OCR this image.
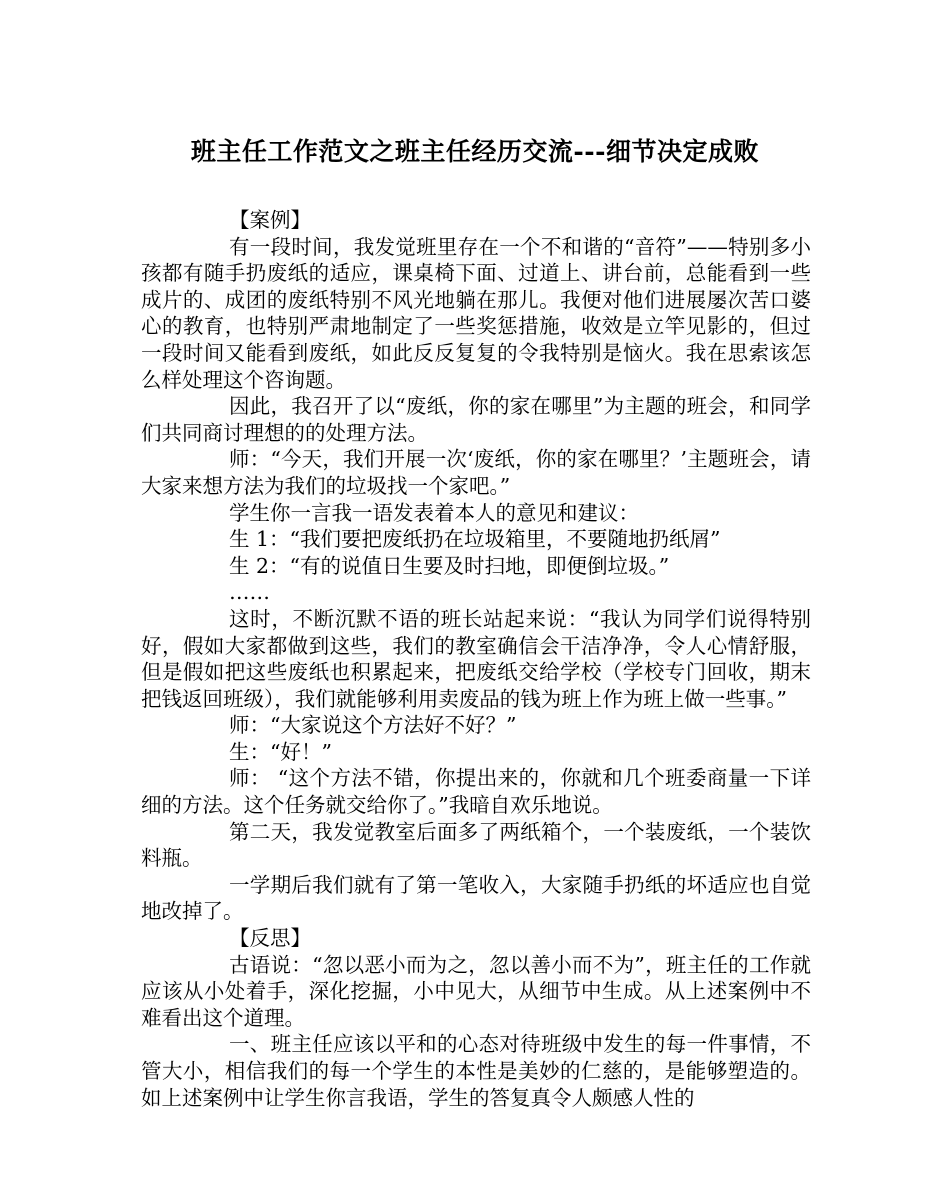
班主任工作范文之班主任经历交流---细节决定成败

【案例】

有一段时间，我发觉班里存在一个不和谐的“音符”——特别多小孩都有随手扔废纸的适应，课桌椅下面、过道上、讲台前，总能看到一些成片的、成团的废纸特别不风光地躺在那儿。我便对他们进展屡次苦口婆心的教育，也特别严肃地制定了一些奖惩措施，收效是立竿见影的，但过一段时间又能看到废纸，如此反反复复的令我特别是恼火。我在思索该怎么样处理这个咨询题。

因此，我召开了以“废纸，你的家在哪里”为主题的班会，和同学们共同商讨理想的的处理方法。

师：“今天，我们开展一次‘废纸，你的家在哪里？’主题班会，请大家来想方法为我们的垃圾找一个家吧。”

学生你一言我一语发表着本人的意见和建议：

生 1：“我们要把废纸扔在垃圾箱里，不要随地扔纸屑”

生 2：“有的说值日生要及时扫地，即便倒垃圾。”

……

这时，不断沉默不语的班长站起来说：“我认为同学们说得特别好，假如大家都做到这些，我们的教室确信会干洁净净，令人心情舒服，但是假如把这些废纸也积累起来，把废纸交给学校（学校专门回收，期末把钱返回班级），我们就能够利用卖废品的钱为班上作为班上做一些事。”

师：“大家说这个方法好不好？”

生：“好！”

师： “这个方法不错，你提出来的，你就和几个班委商量一下详细的方法。这个任务就交给你了。”我暗自欢乐地说。

第二天，我发觉教室后面多了两纸箱个，一个装废纸，一个装饮料瓶。

一学期后我们就有了第一笔收入，大家随手扔纸的坏适应也自觉地改掉了。

【反思】

古语说：“忽以恶小而为之，忽以善小而不为”，班主任的工作就应该从小处着手，深化挖掘，小中见大，从细节中生成。从上述案例中不难看出这个道理。

一、班主任应该以平和的心态对待班级中发生的每一件事情，不管大小，相信我们的每一个学生的本性是美妙的仁慈的，是能够塑造的。如上述案例中让学生你言我语，学生的答复真令人颇感人性的
